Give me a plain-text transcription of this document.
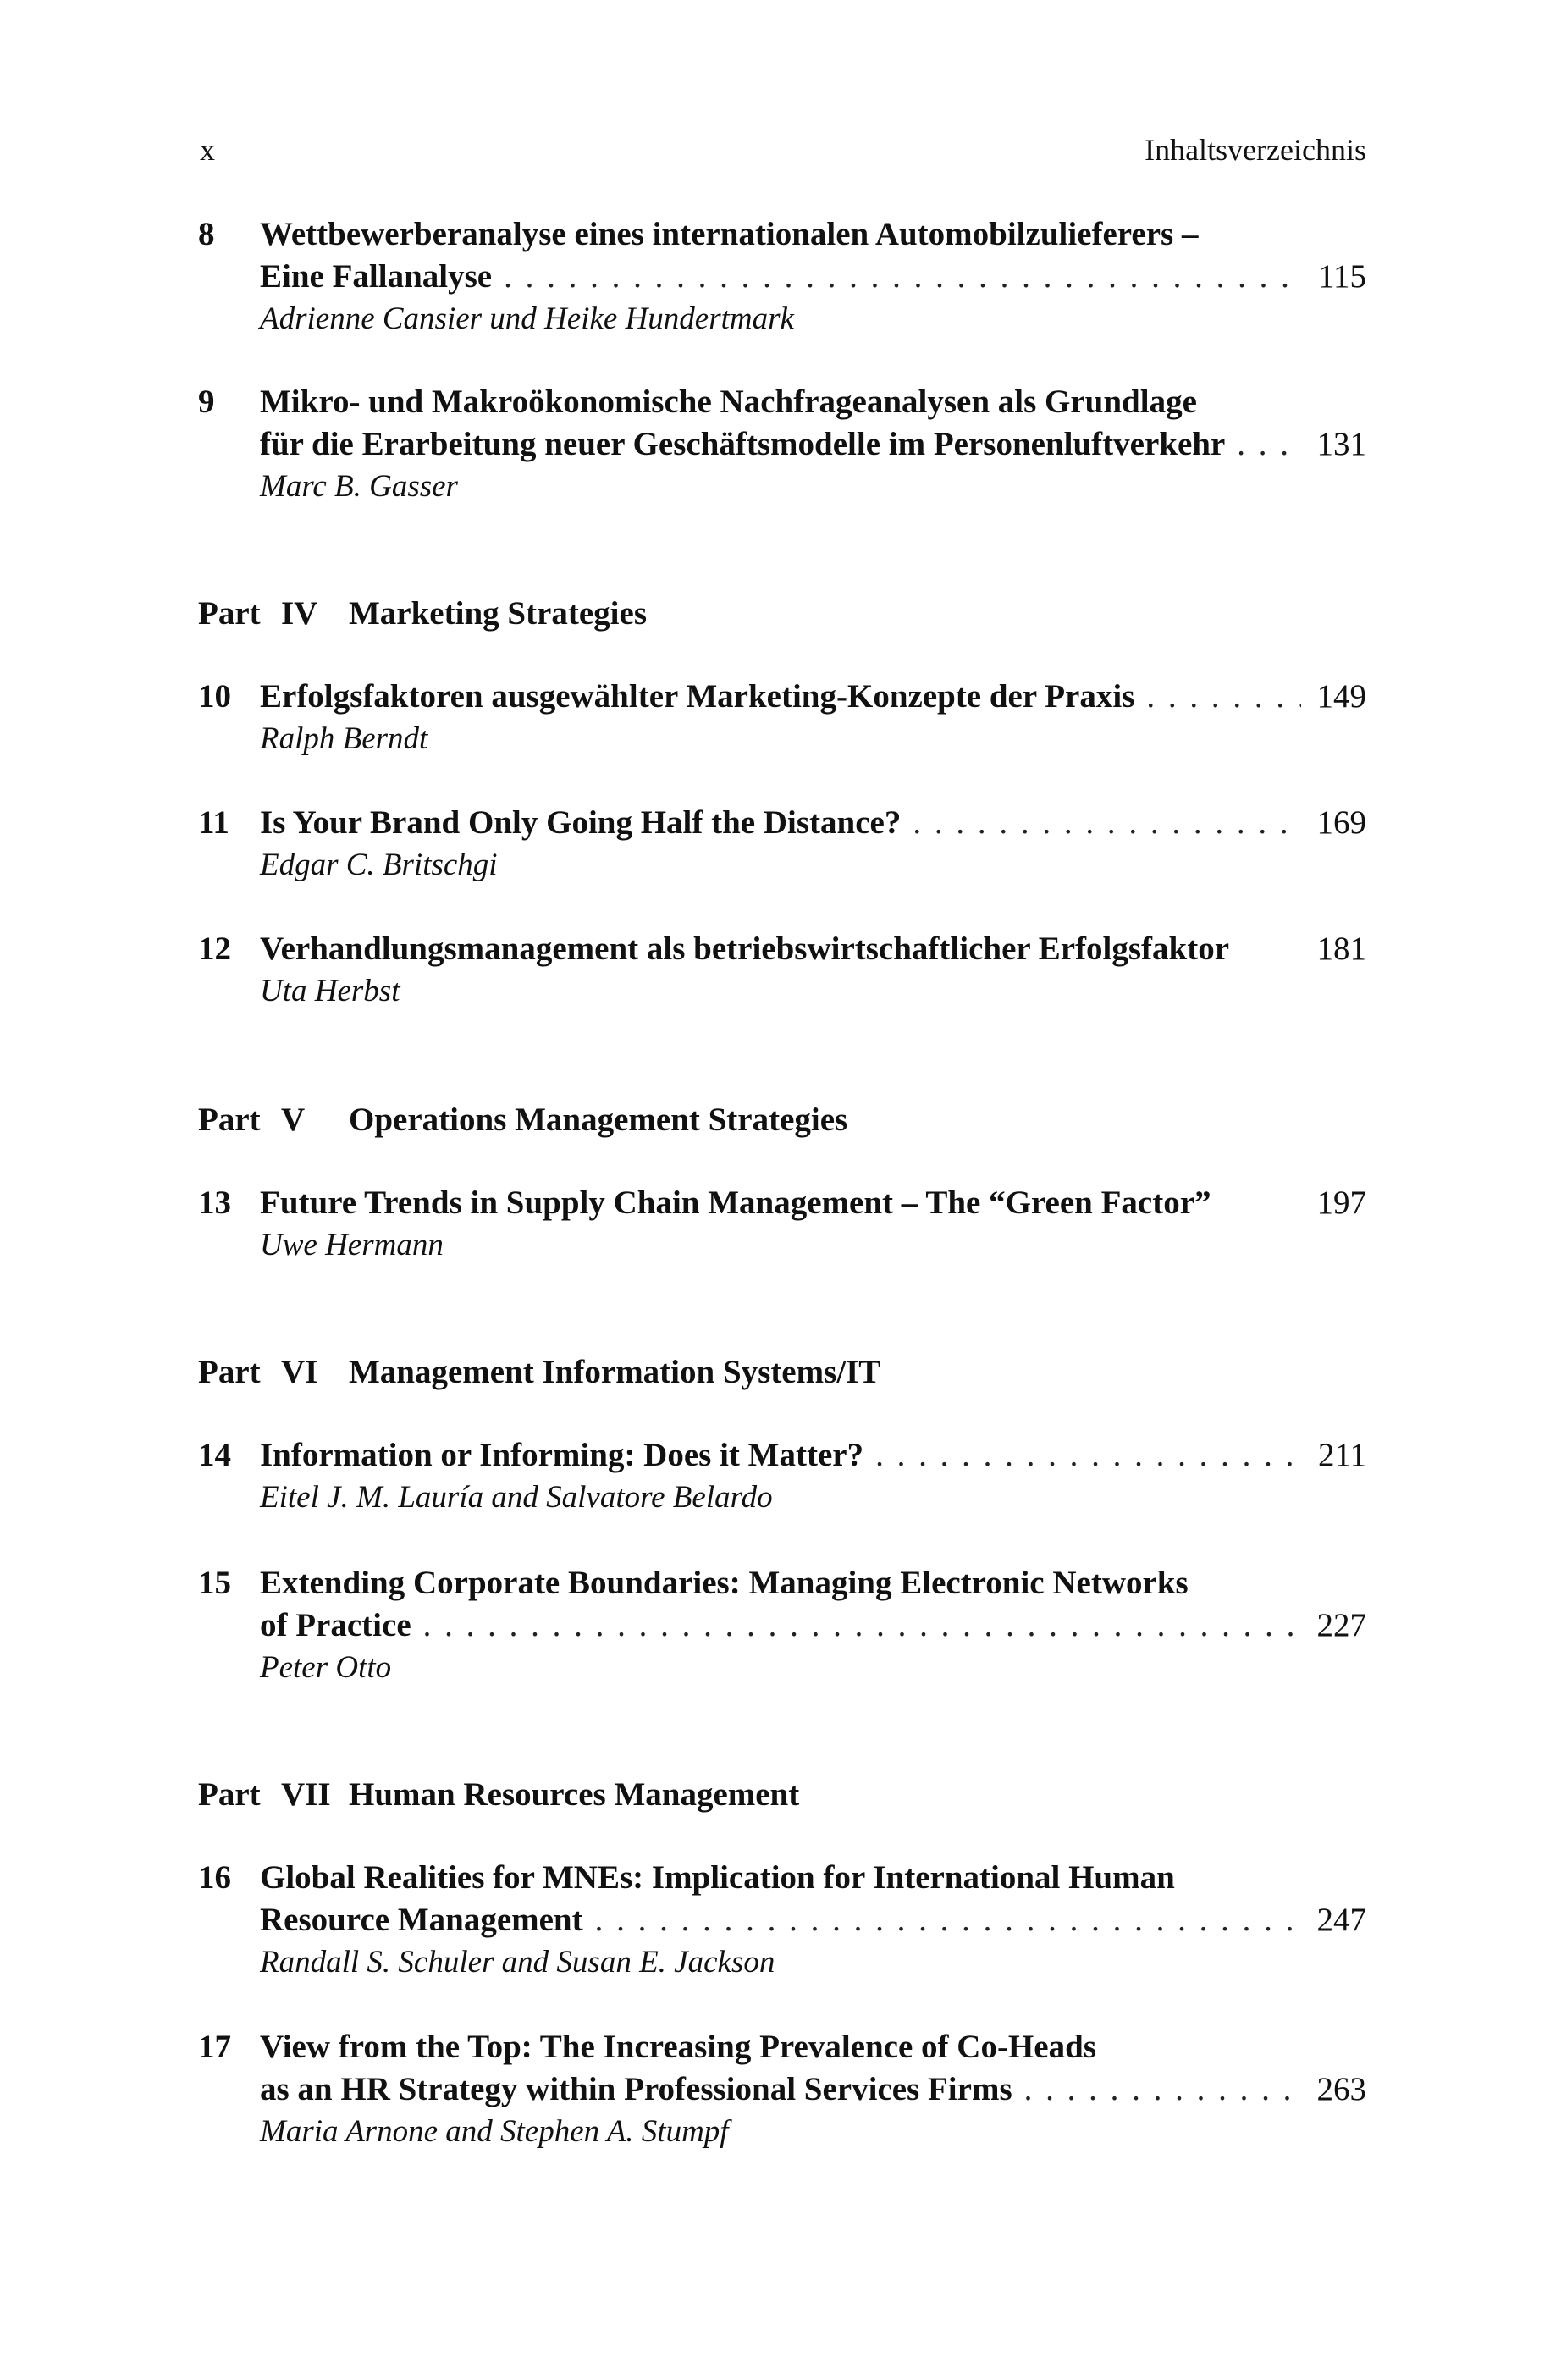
x	Inhaltsverzeichnis
8 Wettbewerberanalyse eines internationalen Automobilzulieferers –
Eine Fallanalyse . . .	115
Adrienne Cansier und Heike Hundertmark
9 Mikro- und Makroökonomische Nachfrageanalysen als Grundlage
für die Erarbeitung neuer Geschäftsmodelle im Personenluftverkehr . . .	131
Marc B. Gasser
Part IV Marketing Strategies
10 Erfolgsfaktoren ausgewählter Marketing-Konzepte der Praxis . . .	149
Ralph Berndt
11 Is Your Brand Only Going Half the Distance? . . .	169
Edgar C. Britschgi
12 Verhandlungsmanagement als betriebswirtschaftlicher Erfolgsfaktor	181
Uta Herbst
Part V Operations Management Strategies
13 Future Trends in Supply Chain Management – The “Green Factor”	197
Uwe Hermann
Part VI Management Information Systems/IT
14 Information or Informing: Does it Matter? . . .	211
Eitel J. M. Lauría and Salvatore Belardo
15 Extending Corporate Boundaries: Managing Electronic Networks
of Practice . . .	227
Peter Otto
Part VII Human Resources Management
16 Global Realities for MNEs: Implication for International Human
Resource Management . . .	247
Randall S. Schuler and Susan E. Jackson
17 View from the Top: The Increasing Prevalence of Co-Heads
as an HR Strategy within Professional Services Firms . . .	263
Maria Arnone and Stephen A. Stumpf
